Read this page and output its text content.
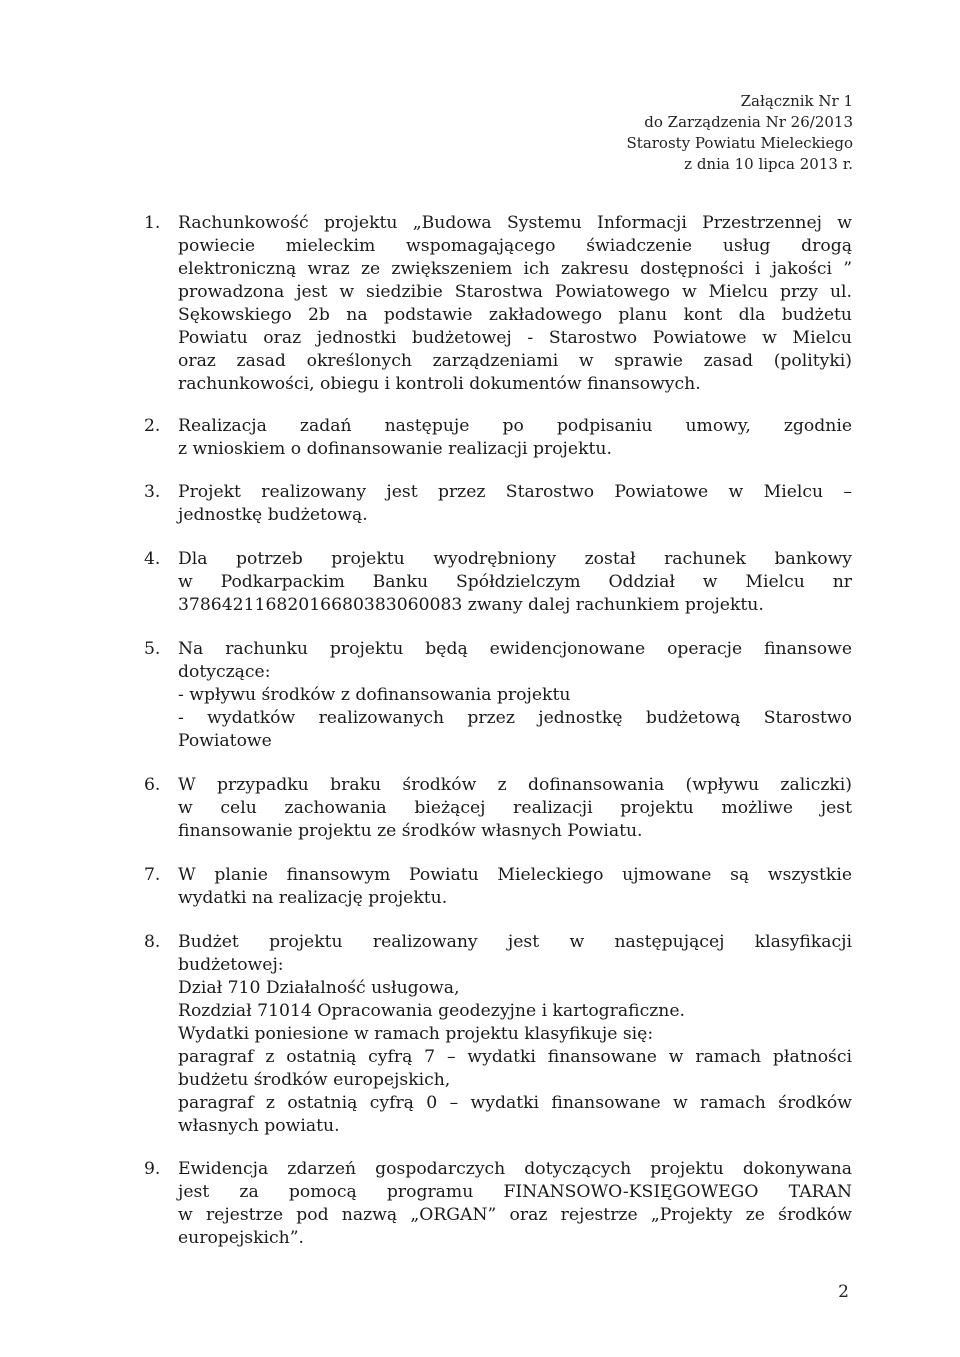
Załącznik Nr 1
do Zarządzenia Nr 26/2013
Starosty Powiatu Mieleckiego
z dnia 10 lipca 2013 r.
1. Rachunkowość projektu „Budowa Systemu Informacji Przestrzennej w
powiecie mieleckim wspomagającego świadczenie usług drogą
elektroniczną wraz ze zwiększeniem ich zakresu dostępności i jakości ”
prowadzona jest w siedzibie Starostwa Powiatowego w Mielcu przy ul.
Sękowskiego 2b na podstawie zakładowego planu kont dla budżetu
Powiatu oraz jednostki budżetowej - Starostwo Powiatowe w Mielcu
oraz zasad określonych zarządzeniami w sprawie zasad (polityki)
rachunkowości, obiegu i kontroli dokumentów finansowych.
2. Realizacja zadań następuje po podpisaniu umowy, zgodnie
z wnioskiem o dofinansowanie realizacji projektu.
3. Projekt realizowany jest przez Starostwo Powiatowe w Mielcu –
jednostkę budżetową.
4. Dla potrzeb projektu wyodrębniony został rachunek bankowy
w Podkarpackim Banku Spółdzielczym Oddział w Mielcu nr
37864211682016680383060083 zwany dalej rachunkiem projektu.
5. Na rachunku projektu będą ewidencjonowane operacje finansowe
dotyczące:
- wpływu środków z dofinansowania projektu
- wydatków realizowanych przez jednostkę budżetową Starostwo
Powiatowe
6. W przypadku braku środków z dofinansowania (wpływu zaliczki)
w celu zachowania bieżącej realizacji projektu możliwe jest
finansowanie projektu ze środków własnych Powiatu.
7. W planie finansowym Powiatu Mieleckiego ujmowane są wszystkie
wydatki na realizację projektu.
8. Budżet projektu realizowany jest w następującej klasyfikacji
budżetowej:
Dział 710 Działalność usługowa,
Rozdział 71014 Opracowania geodezyjne i kartograficzne.
Wydatki poniesione w ramach projektu klasyfikuje się:
paragraf z ostatnią cyfrą 7 – wydatki finansowane w ramach płatności
budżetu środków europejskich,
paragraf z ostatnią cyfrą 0 – wydatki finansowane w ramach środków
własnych powiatu.
9. Ewidencja zdarzeń gospodarczych dotyczących projektu dokonywana
jest za pomocą programu FINANSOWO-KSIĘGOWEGO TARAN
w rejestrze pod nazwą „ORGAN” oraz rejestrze „Projekty ze środków
europejskich”.
2
